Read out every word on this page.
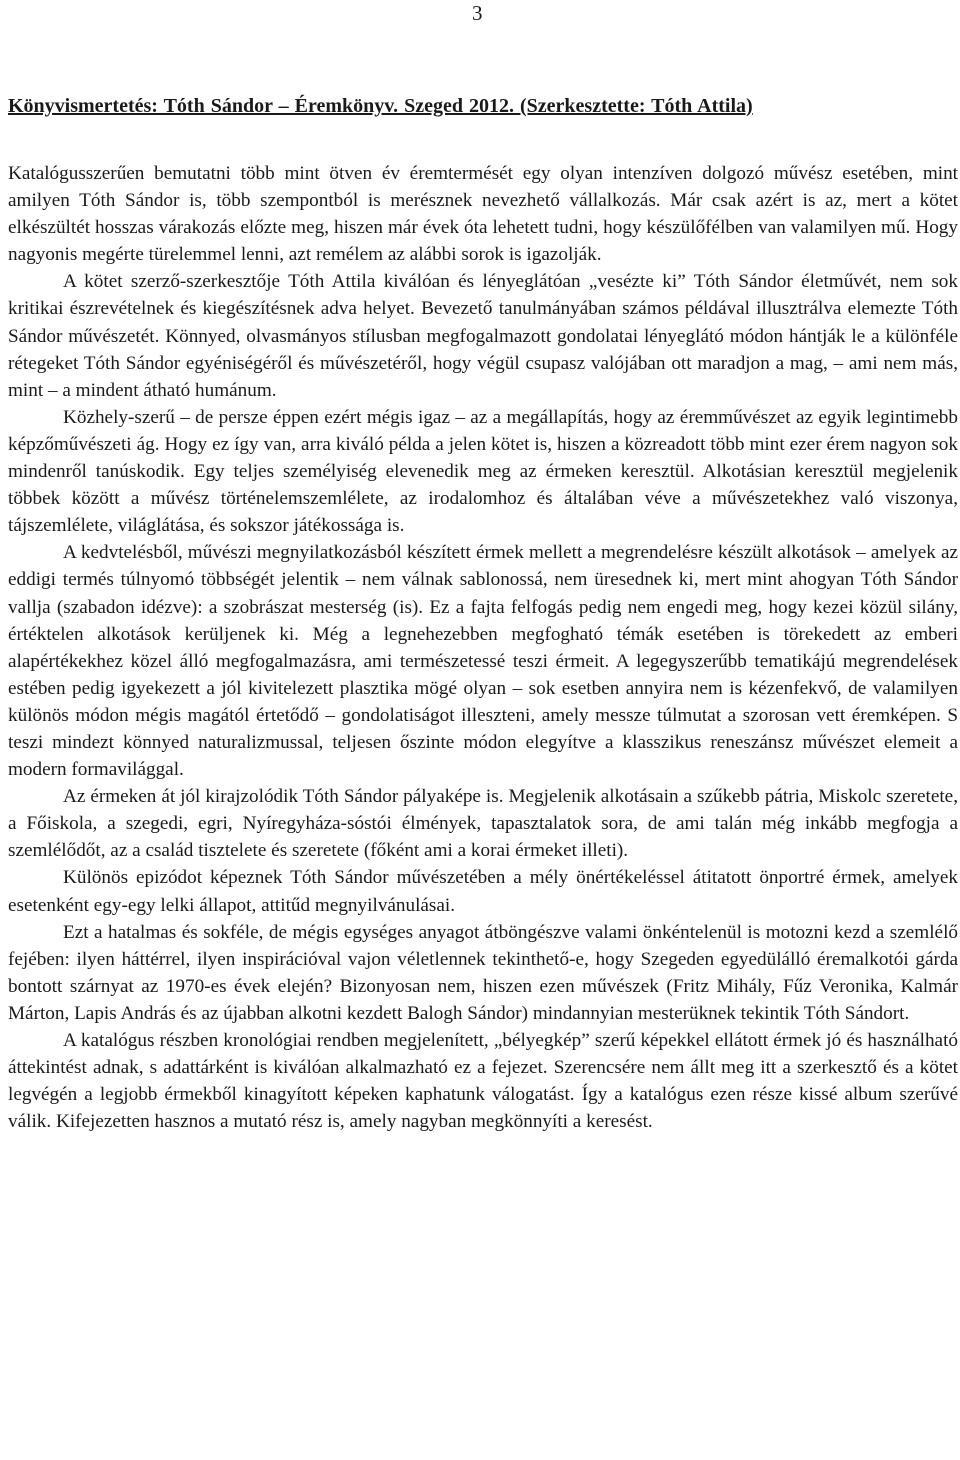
3
Könyvismertetés: Tóth Sándor – Éremkönyv. Szeged 2012. (Szerkesztette: Tóth Attila)

Katalógusszerűen bemutatni több mint ötven év éremtermését egy olyan intenzíven dolgozó művész esetében, mint amilyen Tóth Sándor is, több szempontból is merésznek nevezhető vállalkozás. Már csak azért is az, mert a kötet elkészültét hosszas várakozás előzte meg, hiszen már évek óta lehetett tudni, hogy készülőfélben van valamilyen mű. Hogy nagyonis megérte türelemmel lenni, azt remélem az alábbi sorok is igazolják.

A kötet szerző-szerkesztője Tóth Attila kiválóan és lényeglátóan „vesézte ki” Tóth Sándor életművét, nem sok kritikai észrevételnek és kiegészítésnek adva helyet. Bevezető tanulmányában számos példával illusztrálva elemezte Tóth Sándor művészetét. Könnyed, olvasmányos stílusban megfogalmazott gondolatai lényeglátó módon hántják le a különféle rétegeket Tóth Sándor egyéniségéről és művészetéről, hogy végül csupasz valójában ott maradjon a mag, – ami nem más, mint – a mindent átható humánum.

Közhely-szerű – de persze éppen ezért mégis igaz – az a megállapítás, hogy az éremművészet az egyik legintimebb képzőművészeti ág. Hogy ez így van, arra kiváló példa a jelen kötet is, hiszen a közreadott több mint ezer érem nagyon sok mindenről tanúskodik. Egy teljes személyiség elevenedik meg az érmeken keresztül. Alkotásian keresztül megjelenik többek között a művész történelemszemlélete, az irodalomhoz és általában véve a művészetekhez való viszonya, tájszemlélete, világlátása, és sokszor játékossága is.

A kedvtelésből, művészi megnyilatkozásból készített érmek mellett a megrendelésre készült alkotások – amelyek az eddigi termés túlnyomó többségét jelentik – nem válnak sablonossá, nem üresednek ki, mert mint ahogyan Tóth Sándor vallja (szabadon idézve): a szobrászat mesterség (is). Ez a fajta felfogás pedig nem engedi meg, hogy kezei közül silány, értéktelen alkotások kerüljenek ki. Még a legnehezebben megfogható témák esetében is törekedett az emberi alapértékekhez közel álló megfogalmazásra, ami természetessé teszi érmeit. A legegyszerűbb tematikájú megrendelések estében pedig igyekezett a jól kivitelezett plasztika mögé olyan – sok esetben annyira nem is kézenfekvő, de valamilyen különös módon mégis magától értetődő – gondolatiságot illeszteni, amely messze túlmutat a szorosan vett éremképen. S teszi mindezt könnyed naturalizmussal, teljesen őszinte módon elegyítve a klasszikus reneszánsz művészet elemeit a modern formavilággal.

Az érmeken át jól kirajzolódik Tóth Sándor pályaképe is. Megjelenik alkotásain a szűkebb pátria, Miskolc szeretete, a Főiskola, a szegedi, egri, Nyíregyháza-sóstói élmények, tapasztalatok sora, de ami talán még inkább megfogja a szemlélődőt, az a család tisztelete és szeretete (főként ami a korai érmeket illeti).

Különös epizódot képeznek Tóth Sándor művészetében a mély önértékeléssel átitatott önportré érmek, amelyek esetenként egy-egy lelki állapot, attitűd megnyilvánulásai.

Ezt a hatalmas és sokféle, de mégis egységes anyagot átböngészve valami önkéntelenül is motozni kezd a szemlélő fejében: ilyen háttérrel, ilyen inspirációval vajon véletlennek tekinthető-e, hogy Szegeden egyedülálló éremalkotói gárda bontott szárnyat az 1970-es évek elején? Bizonyosan nem, hiszen ezen művészek (Fritz Mihály, Fűz Veronika, Kalmár Márton, Lapis András és az újabban alkotni kezdett Balogh Sándor) mindannyian mesterüknek tekintik Tóth Sándort.

A katalógus részben kronológiai rendben megjelenített, „bélyegkép” szerű képekkel ellátott érmek jó és használható áttekintést adnak, s adattárként is kiválóan alkalmazható ez a fejezet. Szerencsére nem állt meg itt a szerkesztő és a kötet legvégén a legjobb érmekből kinagyított képeken kaphatunk válogatást. Így a katalógus ezen része kissé album szerűvé válik. Kifejezetten hasznos a mutató rész is, amely nagyban megkönnyíti a keresést.
